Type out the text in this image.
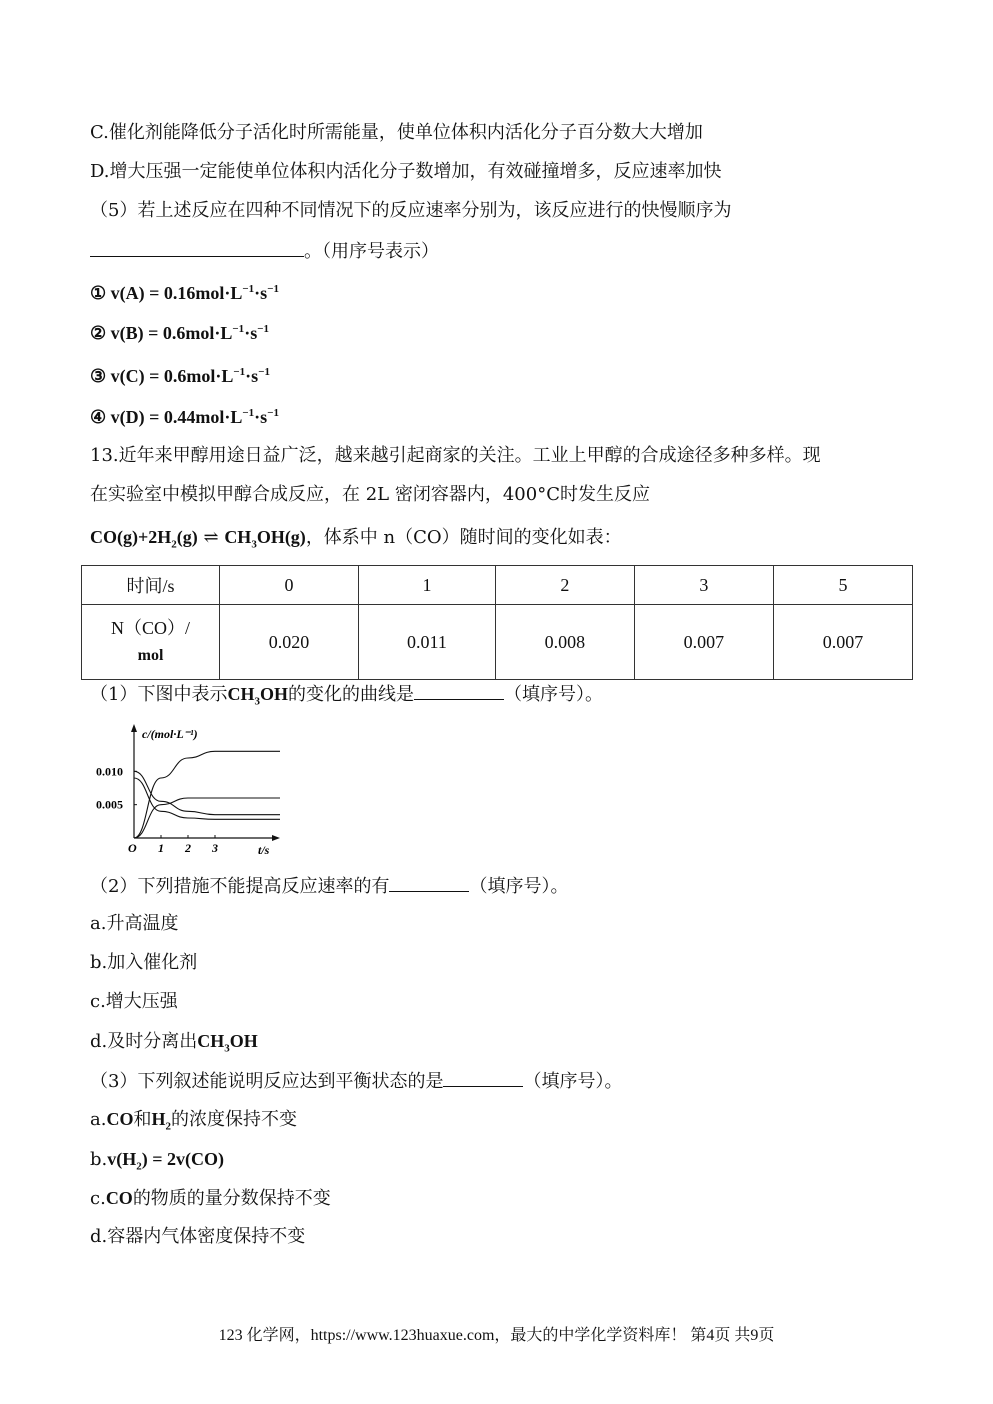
C.催化剂能降低分子活化时所需能量，使单位体积内活化分子百分数大大增加
D.增大压强一定能使单位体积内活化分子数增加，有效碰撞增多，反应速率加快
（5）若上述反应在四种不同情况下的反应速率分别为，该反应进行的快慢顺序为
。（用序号表示）
① $v(A) = 0.16mol\cdot L^{-1}\cdot s^{-1}$
② $v(B) = 0.6mol\cdot L^{-1}\cdot s^{-1}$
③ $v(C) = 0.6mol\cdot L^{-1}\cdot s^{-1}$
④ $v(D) = 0.44mol\cdot L^{-1}\cdot s^{-1}$
13.近年来甲醇用途日益广泛，越来越引起商家的关注。工业上甲醇的合成途径多种多样。现
在实验室中模拟甲醇合成反应，在 2L 密闭容器内，400°C时发生反应
$CO(g)+2H_2(g)$ ⇌ $CH_3OH(g)$，体系中 n（CO）随时间的变化如表：
时间/s	0	1	2	3	5

N（CO）/
mol	0.020	0.011	0.008	0.007	0.007
（1）下图中表示$CH_3OH$的变化的曲线是	（填序号）。
1 2 3
0.010
0.005
c/(mol·L⁻¹)
t/s
O
（2）下列措施不能提高反应速率的有	（填序号）。
a.升高温度
b.加入催化剂
c.增大压强
d.及时分离出$CH_3OH$
（3）下列叙述能说明反应达到平衡状态的是	（填序号）。
a.CO和$H_2$的浓度保持不变
$b.v(H_2) = 2v(CO)$
c.CO的物质的量分数保持不变
d.容器内气体密度保持不变
123 化学网，https://www.123huaxue.com，最大的中学化学资料库！ 第4页 共9页
